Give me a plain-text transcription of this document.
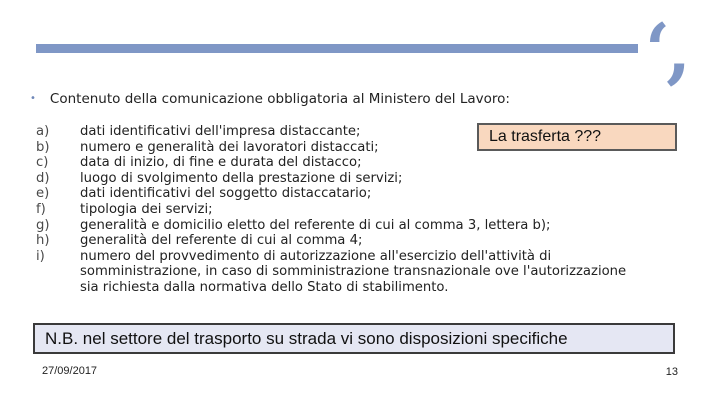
‘,
• Contenuto della comunicazione obbligatoria al Ministero del Lavoro:
a)	dati identificativi dell'impresa distaccante;
b)	numero e generalità dei lavoratori distaccati;
c)	data di inizio, di fine e durata del distacco;
d)	luogo di svolgimento della prestazione di servizi;
e)	dati identificativi del soggetto distaccatario;
f)	tipologia dei servizi;
g)	generalità e domicilio eletto del referente di cui al comma 3, lettera b);
h)	generalità del referente di cui al comma 4;
i)	numero del provvedimento di autorizzazione all'esercizio dell'attività di somministrazione, in caso di somministrazione transnazionale ove l'autorizzazione sia richiesta dalla normativa dello Stato di stabilimento.
La trasferta ???
N.B. nel settore del trasporto su strada vi sono disposizioni specifiche
27/09/2017	13
